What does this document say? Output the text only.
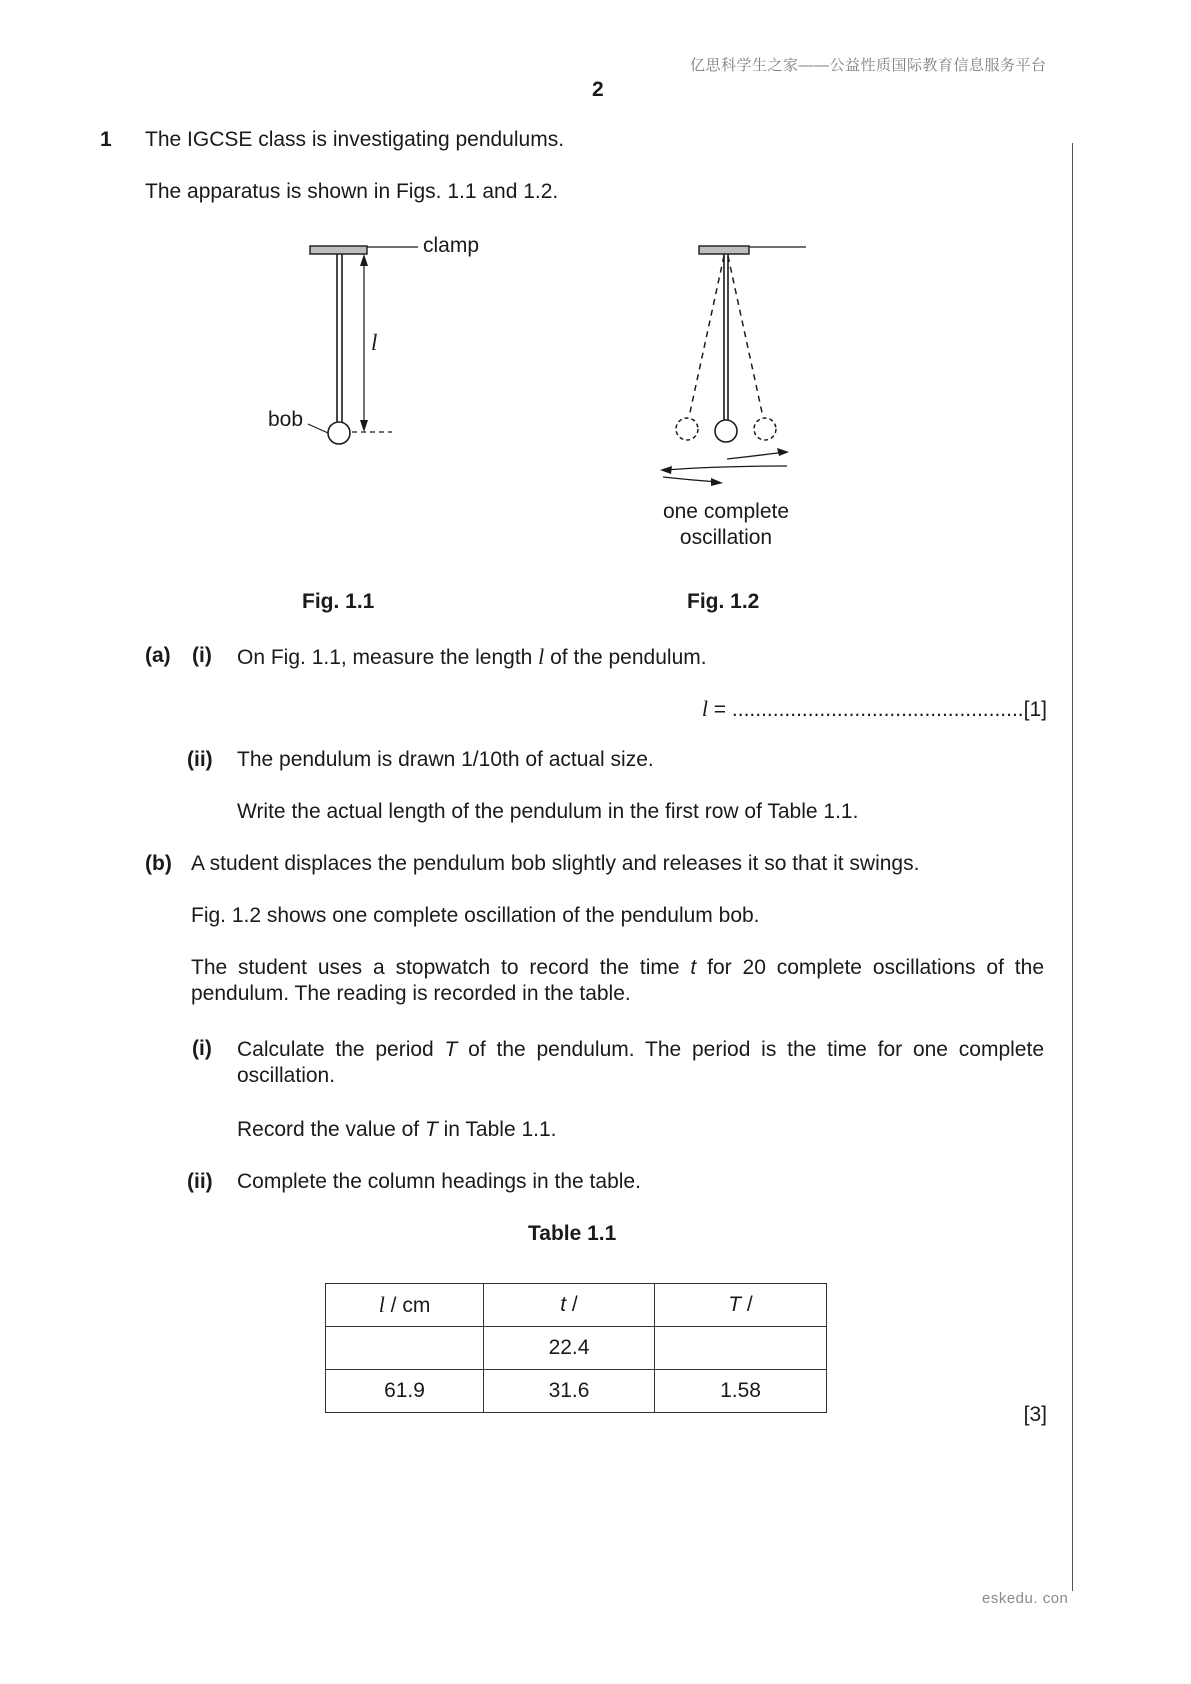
亿思科学生之家——公益性质国际教育信息服务平台
2
eskedu. con
1 The IGCSE class is investigating pendulums.
The apparatus is shown in Figs. 1.1 and 1.2.
clamp
l
bob
Fig. 1.1
one complete
oscillation
Fig. 1.2
(a) (i) On Fig. 1.1, measure the length l of the pendulum.
l = ..................................................[1]
(ii) The pendulum is drawn 1/10th of actual size.
Write the actual length of the pendulum in the first row of Table 1.1.
(b) A student displaces the pendulum bob slightly and releases it so that it swings.
Fig. 1.2 shows one complete oscillation of the pendulum bob.
The student uses a stopwatch to record the time t for 20 complete oscillations of the pendulum. The reading is recorded in the table.
(i) Calculate the period T of the pendulum. The period is the time for one complete oscillation.
Record the value of T in Table 1.1.
(ii) Complete the column headings in the table.
Table 1.1
l / cm	t /	T /
	22.4	
61.9	31.6	1.58
[3]
